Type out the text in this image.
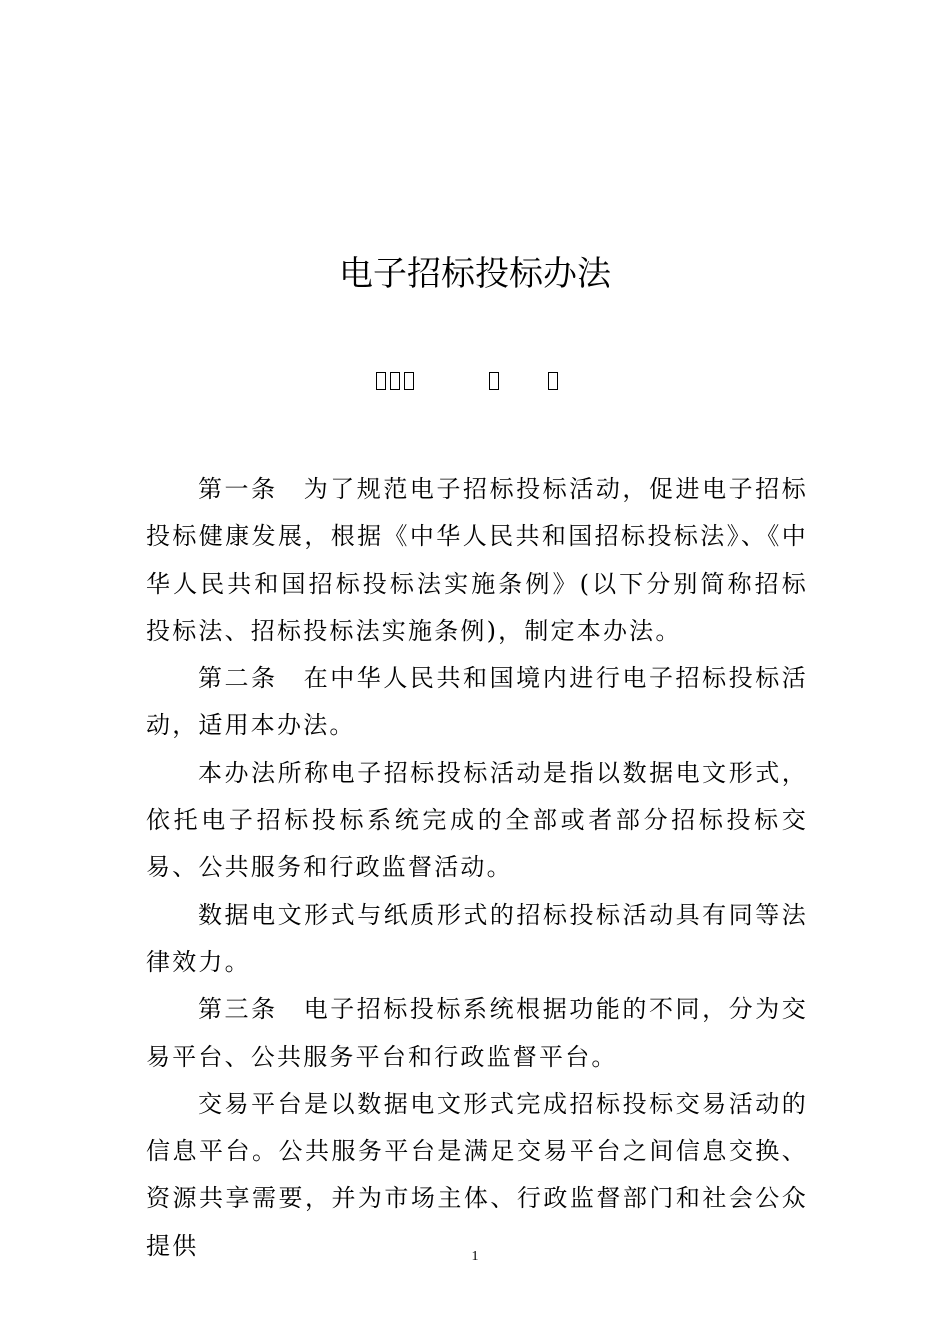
电子招标投标办法

第一条 为了规范电子招标投标活动，促进电子招标投标健康发展，根据《中华人民共和国招标投标法》、《中华人民共和国招标投标法实施条例》(以下分别简称招标投标法、招标投标法实施条例)，制定本办法。

第二条 在中华人民共和国境内进行电子招标投标活动，适用本办法。

本办法所称电子招标投标活动是指以数据电文形式，依托电子招标投标系统完成的全部或者部分招标投标交易、公共服务和行政监督活动。

数据电文形式与纸质形式的招标投标活动具有同等法律效力。

第三条 电子招标投标系统根据功能的不同，分为交易平台、公共服务平台和行政监督平台。

交易平台是以数据电文形式完成招标投标交易活动的信息平台。公共服务平台是满足交易平台之间信息交换、资源共享需要，并为市场主体、行政监督部门和社会公众提供	1
